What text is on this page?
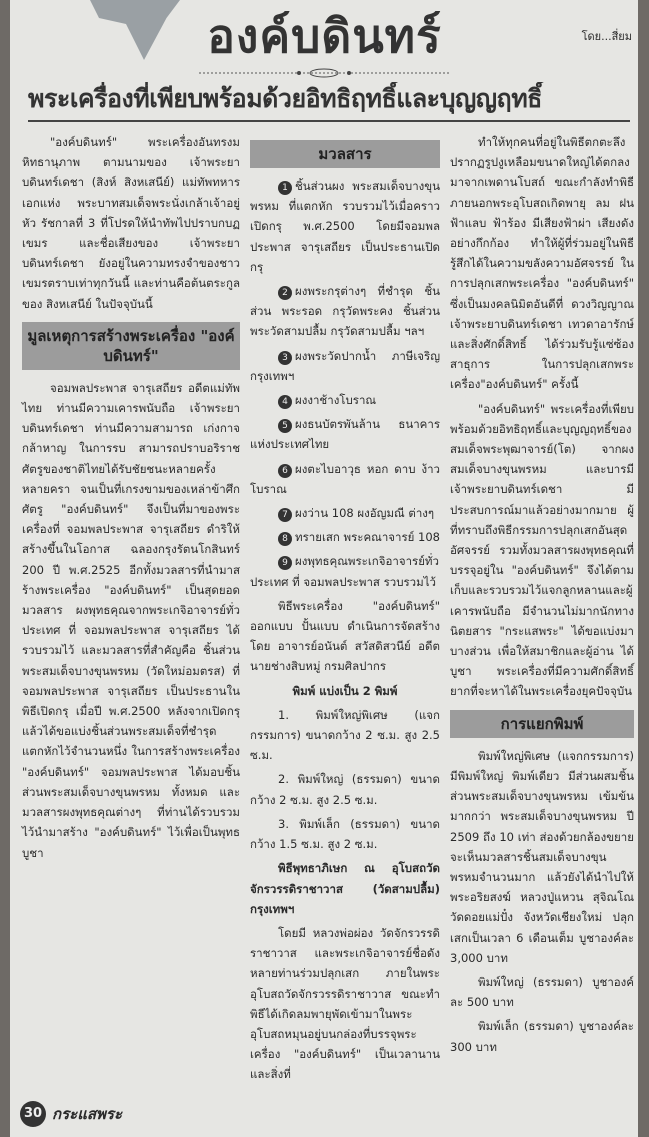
องค์บดินทร์	โดย...สี่ยม
พระเครื่องที่เพียบพร้อมด้วยอิทธิฤทธิ์และบุญญฤทธิ์

"องค์บดินทร์" พระเครื่องอันทรงมหิทธานุภาพ ตามนามของ เจ้าพระยาบดินทร์เดชา (สิงห์ สิงหเสนีย์) แม่ทัพทหารเอกแห่ง พระบาทสมเด็จพระนั่งเกล้าเจ้าอยู่หัว รัชกาลที่ 3 ที่โปรดให้นำทัพไปปราบกบฏเขมร และชื่อเสียงของ เจ้าพระยาบดินทร์เดชา ยังอยู่ในความทรงจำของชาวเขมรตราบเท่าทุกวันนี้ และท่านคือต้นตระกูลของ สิงหเสนีย์ ในปัจจุบันนี้

มูลเหตุการสร้างพระเครื่อง "องค์บดินทร์"

จอมพลประพาส จารุเสถียร อดีตแม่ทัพไทย ท่านมีความเคารพนับถือ เจ้าพระยาบดินทร์เดชา ท่านมีความสามารถ เก่งกาจ กล้าหาญ ในการรบ สามารถปราบอริราชศัตรูของชาติไทยได้รับชัยชนะหลายครั้งหลายครา จนเป็นที่เกรงขามของเหล่าข้าศึกศัตรู "องค์บดินทร์" จึงเป็นที่มาของพระเครื่องที่ จอมพลประพาส จารุเสถียร ดำริให้สร้างขึ้นในโอกาส ฉลองกรุงรัตนโกสินทร์ 200 ปี พ.ศ.2525 อีกทั้งมวลสารที่นำมาสร้างพระเครื่อง "องค์บดินทร์" เป็นสุดยอดมวลสาร ผงพุทธคุณจากพระเกจิอาจารย์ทั่วประเทศ ที่ จอมพลประพาส จารุเสถียร ได้รวบรวมไว้ และมวลสารที่สำคัญคือ ชิ้นส่วนพระสมเด็จบางขุนพรหม (วัดใหม่อมตรส) ที่จอมพลประพาส จารุเสถียร เป็นประธานในพิธีเปิดกรุ เมื่อปี พ.ศ.2500 หลังจากเปิดกรุแล้วได้ขอแบ่งชิ้นส่วนพระสมเด็จที่ชำรุดแตกหักไว้จำนวนหนึ่ง ในการสร้างพระเครื่อง "องค์บดินทร์" จอมพลประพาส ได้มอบชิ้นส่วนพระสมเด็จบางขุนพรหม ทั้งหมด และมวลสารผงพุทธคุณต่างๆ ที่ท่านได้รวบรวมไว้นำมาสร้าง "องค์บดินทร์" ไว้เพื่อเป็นพุทธบูชา

มวลสาร

1 ชิ้นส่วนผง พระสมเด็จบางขุนพรหม ที่แตกหัก รวบรวมไว้เมื่อคราวเปิดกรุ พ.ศ.2500 โดยมีจอมพลประพาส จารุเสถียร เป็นประธานเปิดกรุ

2 ผงพระกรุต่างๆ ที่ชำรุด ชิ้นส่วน พระรอด กรุวัดพระคง ชิ้นส่วน พระวัดสามปลื้ม กรุวัดสามปลื้ม ฯลฯ

3 ผงพระวัดปากน้ำ ภาษีเจริญ กรุงเทพฯ

4 ผงงาช้างโบราณ

5 ผงธนบัตรพันล้าน ธนาคารแห่งประเทศไทย

6 ผงตะไบอาวุธ หอก ดาบ ง้าวโบราณ

7 ผงว่าน 108 ผงอัญมณี ต่างๆ

8 ทรายเสก พระคณาจารย์ 108

9 ผงพุทธคุณพระเกจิอาจารย์ทั่วประเทศ ที่ จอมพลประพาส รวบรวมไว้

พิธีพระเครื่อง "องค์บดินทร์" ออกแบบ ปั้นแบบ ดำเนินการจัดสร้างโดย อาจารย์อนันต์ สวัสดิสวนีย์ อดีตนายช่างสิบหมู่ กรมศิลปากร

พิมพ์ แบ่งเป็น 2 พิมพ์

1. พิมพ์ใหญ่พิเศษ (แจกกรรมการ) ขนาดกว้าง 2 ซ.ม. สูง 2.5 ซ.ม.

2. พิมพ์ใหญ่ (ธรรมดา) ขนาดกว้าง 2 ซ.ม. สูง 2.5 ซ.ม.

3. พิมพ์เล็ก (ธรรมดา) ขนาดกว้าง 1.5 ซ.ม. สูง 2 ซ.ม.

พิธีพุทธาภิเษก ณ อุโบสถวัดจักรวรรดิราชาวาส (วัดสามปลื้ม) กรุงเทพฯ

โดยมี หลวงพ่อผ่อง วัดจักรวรรดิราชาวาส และพระเกจิอาจารย์ชื่อดังหลายท่านร่วมปลุกเสก ภายในพระอุโบสถวัดจักรวรรดิราชาวาส ขณะทำพิธีได้เกิดลมพายุพัดเข้ามาในพระอุโบสถหมุนอยู่บนกล่องที่บรรจุพระเครื่อง "องค์บดินทร์" เป็นเวลานาน และสิ่งที่

ทำให้ทุกคนที่อยู่ในพิธีตกตะลึง ปรากฏรูปงูเหลือมขนาดใหญ่ได้ตกลงมาจากเพดานโบสถ์ ขณะกำลังทำพิธี ภายนอกพระอุโบสถเกิดพายุ ลม ฝน ฟ้าแลบ ฟ้าร้อง มีเสียงฟ้าผ่า เสียงดังอย่างกึกก้อง ทำให้ผู้ที่ร่วมอยู่ในพิธีรู้สึกได้ในความขลังความอัศจรรย์ ในการปลุกเสกพระเครื่อง "องค์บดินทร์" ซึ่งเป็นมงคลนิมิตอันดีที่ ดวงวิญญาณเจ้าพระยาบดินทร์เดชา เทวดาอารักษ์ และสิ่งศักดิ์สิทธิ์ ได้ร่วมรับรู้แซ่ซ้องสาธุการ ในการปลุกเสกพระเครื่อง"องค์บดินทร์" ครั้งนี้

"องค์บดินทร์" พระเครื่องที่เพียบพร้อมด้วยอิทธิฤทธิ์และบุญญฤทธิ์ของสมเด็จพระพุฒาจารย์(โต) จากผงสมเด็จบางขุนพรหม และบารมีเจ้าพระยาบดินทร์เดชา มีประสบการณ์มาแล้วอย่างมากมาย ผู้ที่ทราบถึงพิธีกรรมการปลุกเสกอันสุดอัศจรรย์ รวมทั้งมวลสารผงพุทธคุณที่บรรจุอยู่ใน "องค์บดินทร์" จึงได้ตามเก็บและรวบรวมไว้แจกลูกหลานและผู้เคารพนับถือ มีจำนวนไม่มากนักทางนิตยสาร "กระแสพระ" ได้ขอแบ่งมาบางส่วน เพื่อให้สมาชิกและผู้อ่าน ได้บูชา พระเครื่องที่มีความศักดิ์สิทธิ์ ยากที่จะหาได้ในพระเครื่องยุคปัจจุบัน

การแยกพิมพ์

พิมพ์ใหญ่พิเศษ (แจกกรรมการ) มีพิมพ์ใหญ่ พิมพ์เดียว มีส่วนผสมชิ้นส่วนพระสมเด็จบางขุนพรหม เข้มข้นมากกว่า พระสมเด็จบางขุนพรหม ปี 2509 ถึง 10 เท่า ส่องด้วยกล้องขยายจะเห็นมวลสารชิ้นสมเด็จบางขุนพรหมจำนวนมาก แล้วยังได้นำไปให้ พระอริยสงฆ์ หลวงปู่แหวน สุจิณโณ วัดดอยแม่ปั๋ง จังหวัดเชียงใหม่ ปลุกเสกเป็นเวลา 6 เดือนเต็ม บูชาองค์ละ 3,000 บาท

พิมพ์ใหญ่ (ธรรมดา) บูชาองค์ละ 500 บาท

พิมพ์เล็ก (ธรรมดา) บูชาองค์ละ 300 บาท

30 กระแสพระ
